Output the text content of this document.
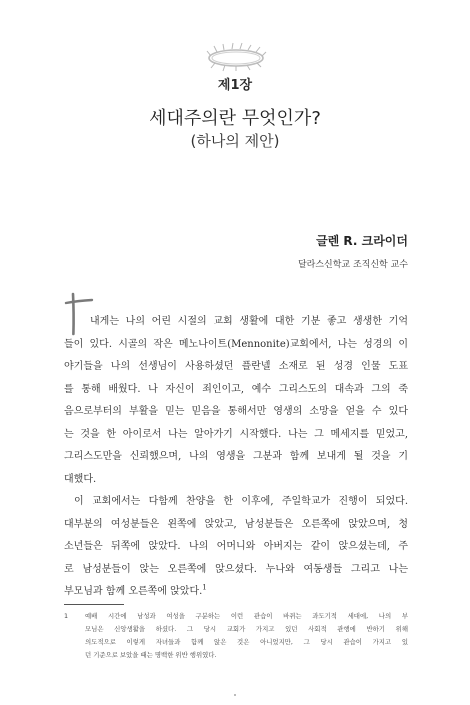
제1장
세대주의란 무엇인가?
(하나의 제안)
글렌 R. 크라이더
달라스신학교 조직신학 교수
내게는 나의 어린 시절의 교회 생활에 대한 기분 좋고 생생한 기억
들이 있다. 시골의 작은 메노나이트(Mennonite)교회에서, 나는 성경의 이
야기들을 나의 선생님이 사용하셨던 플란넬 소재로 된 성경 인물 도표
를 통해 배웠다. 나 자신이 죄인이고, 예수 그리스도의 대속과 그의 죽
음으로부터의 부활을 믿는 믿음을 통해서만 영생의 소망을 얻을 수 있다
는 것을 한 아이로서 나는 알아가기 시작했다. 나는 그 메세지를 믿었고,
그리스도만을 신뢰했으며, 나의 영생을 그분과 함께 보내게 될 것을 기
대했다.
이 교회에서는 다함께 찬양을 한 이후에, 주일학교가 진행이 되었다.
대부분의 여성분들은 왼쪽에 앉았고, 남성분들은 오른쪽에 앉았으며, 청
소년들은 뒤쪽에 앉았다. 나의 어머니와 아버지는 같이 앉으셨는데, 주
로 남성분들이 앉는 오른쪽에 앉으셨다. 누나와 여동생들 그리고 나는
부모님과 함께 오른쪽에 앉았다.$^1$
1	예배 시간에 남성과 여성을 구분하는 이런 관습이 바뀌는 과도기적 세대에, 나의 부
모님은 신앙생활을 하셨다. 그 당시 교회가 가지고 있던 사회적 관행에 반하기 위해
의도적으로 이렇게 자녀들과 함께 앉은 것은 아니었지만, 그 당시 관습이 가지고 있
던 기준으로 보았을 때는 명백한 위반 행위였다.
